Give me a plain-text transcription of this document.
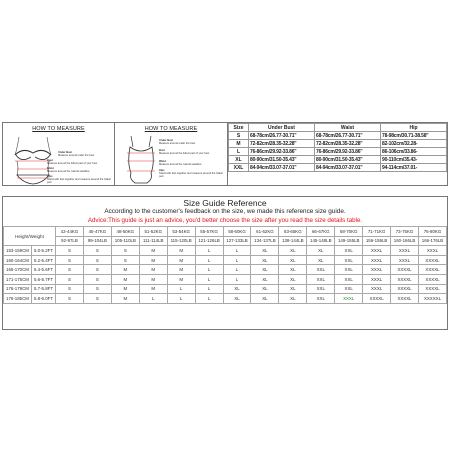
HOW TO MEASURE
Under Bust
Measure around under the bust
Bust
Measure around the fullest part of your bust
Waist
Measure around the natural waistline
Hips
Stand with feet together and measure around the fullest part
HOW TO MEASURE
Under Bust
Measure around under the bust
Bust
Measure around the fullest part of your bust
Waist
Measure around the natural waistline
Hips
Stand with feet together and measure around the fullest part
Size	Under Bust	Waist	Hip
S	68-78cm/26.77-30.71"	68-78cm/26.77-30.71"	78-98cm/30.71-38.58"
M	72-82cm/28.35-32.28"	72-82cm/28.35-32.28"	82-102cm/32.28-
L	76-86cm/29.92-33.86"	76-86cm/29.92-33.86"	86-106cm/33.86-
XL	80-90cm/31.50-35.43"	80-90cm/31.50-35.43"	90-110cm/35.43-
XXL	84-94cm/33.07-37.01"	84-94cm/33.07-37.01"	94-114cm/37.01-
Size Guide Reference
According to the customer's feedback on the size, we made this reference size guide.
Advice:This guide is just an advice, you'd better choose the size after you read the size details table.
Height/Weight		42-44KG	45-47KG	48-50KG	51-52KG	53-54KG	55-57KG	58-60KG	61-62KG	63-65KG	66-67KG	68-70KG	71-71KG	73-75KG	76-80KG
		92-97LB	99-104LB	105-110LB	111-114LB	115-120LB	121-126LB	127-133LB	134-137LB	138-144LB	145-148LB	149-155LB	156-159LB	160-166LB	166-176LB
153-159CM	5.0-5.2FT	S	S	S	M	M	L	L	XL	XL	XL	XXL	XXXL	XXXL	XXXL
160-164CM	5.2-5.4FT	S	S	S	M	M	L	L	XL	XL	XL	XXL	XXXL	XXXL	XXXXL
165-170CM	5.4-5.6FT	S	S	M	M	M	L	L	XL	XL	XXL	XXL	XXXL	XXXXL	XXXXL
171-175CM	5.6-5.7FT	S	S	M	M	M	L	L	XL	XL	XXL	XXL	XXXL	XXXXL	XXXXL
176-179CM	5.7-5.8FT	S	S	M	M	L	L	XL	XL	XL	XXL	XXL	XXXL	XXXXL	XXXXL
176-185CM	5.8-6.0FT	S	S	M	L	L	L	XL	XL	XL	XXL	XXXL	XXXXL	XXXXL	XXXXXL
